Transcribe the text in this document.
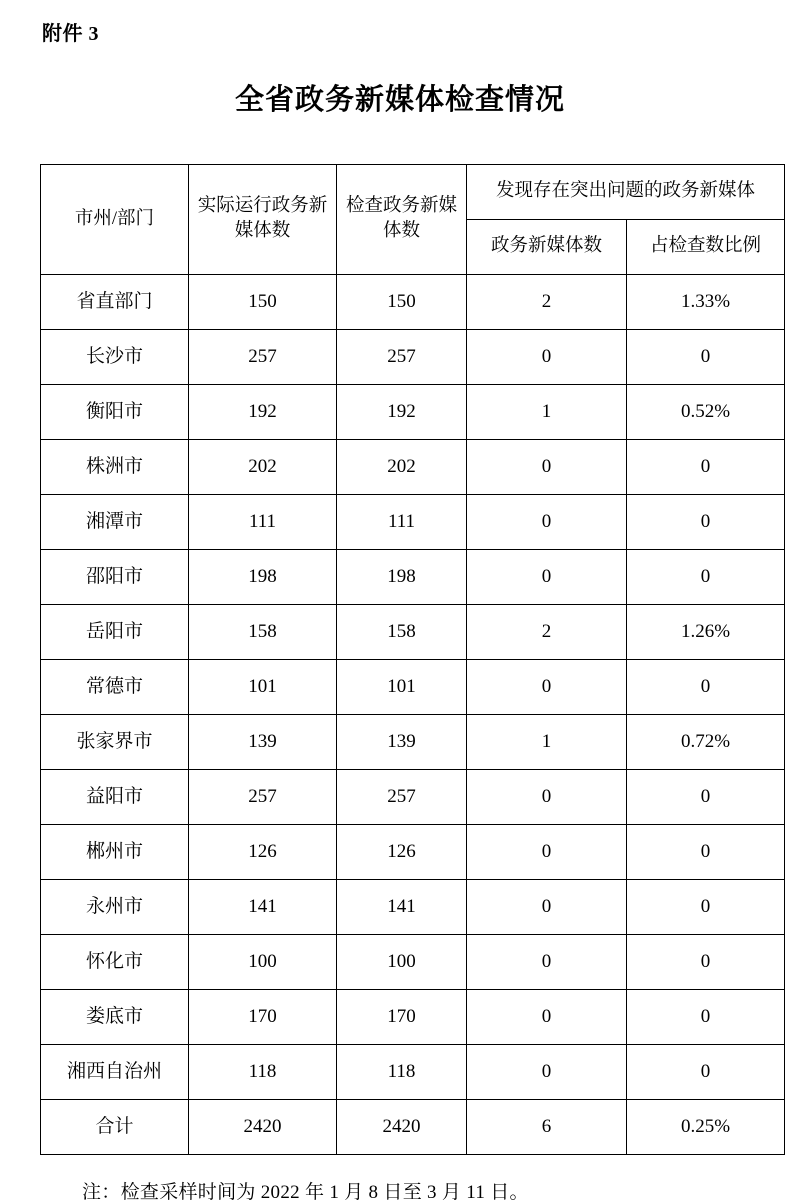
附件 3
全省政务新媒体检查情况
市州/部门	实际运行政务新媒体数	检查政务新媒体数	发现存在突出问题的政务新媒体	
			政务新媒体数	占检查数比例
省直部门	150	150	2	1.33%
长沙市	257	257	0	0
衡阳市	192	192	1	0.52%
株洲市	202	202	0	0
湘潭市	111	111	0	0
邵阳市	198	198	0	0
岳阳市	158	158	2	1.26%
常德市	101	101	0	0
张家界市	139	139	1	0.72%
益阳市	257	257	0	0
郴州市	126	126	0	0
永州市	141	141	0	0
怀化市	100	100	0	0
娄底市	170	170	0	0
湘西自治州	118	118	0	0
合计	2420	2420	6	0.25%
注：检查采样时间为 2022 年 1 月 8 日至 3 月 11 日。
